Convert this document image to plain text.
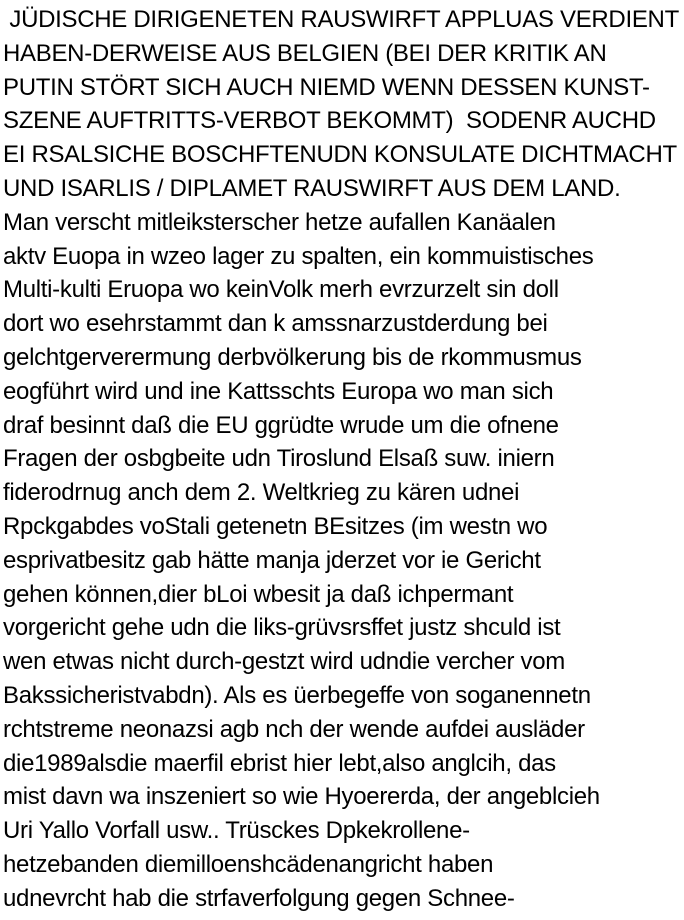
JÜDISCHE DIRIGENETEN RAUSWIRFT APPLUAS VERDIENT
HABEN-DERWEISE AUS BELGIEN (BEI DER KRITIK AN
PUTIN STÖRT SICH AUCH NIEMD WENN DESSEN KUNST-
SZENE AUFTRITTS-VERBOT BEKOMMT)  SODENR AUCHD
EI RSALSICHE BOSCHFTENUDN KONSULATE DICHTMACHT
UND ISARLIS / DIPLAMET RAUSWIRFT AUS DEM LAND.
Man verscht mitleiksterscher hetze aufallen Kanäalen
aktv Euopa in wzeo lager zu spalten, ein kommuistisches
Multi-kulti Eruopa wo keinVolk merh evrzurzelt sin doll
dort wo esehrstammt dan k amssnarzustderdung bei
gelchtgerverermung derbvölkerung bis de rkommusmus
eogführt wird und ine Kattsschts Europa wo man sich
draf besinnt daß die EU ggrüdte wrude um die ofnene
Fragen der osbgbeite udn Tiroslund Elsaß suw. iniern
fiderodrnug anch dem 2. Weltkrieg zu kären udnei
Rpckgabdes voStali getenetn BEsitzes (im westn wo
esprivatbesitz gab hätte manja jderzet vor ie Gericht
gehen können,dier bLoi wbesit ja daß ichpermant
vorgericht gehe udn die liks-grüvsrsffet justz shculd ist
wen etwas nicht durch-gestzt wird udndie vercher vom
Bakssicheristvabdn). Als es üerbegeffe von soganennetn
rchtstreme neonazsi agb nch der wende aufdei ausläder
die1989alsdie maerfil ebrist hier lebt,also anglcih, das
mist davn wa inszeniert so wie Hyoererda, der angeblcieh
Uri Yallo Vorfall usw.. Trüsckes Dpkekrollene-
hetzebanden diemilloenshcädenangricht haben
udnevrcht hab die strfaverfolgung gegen Schnee-
